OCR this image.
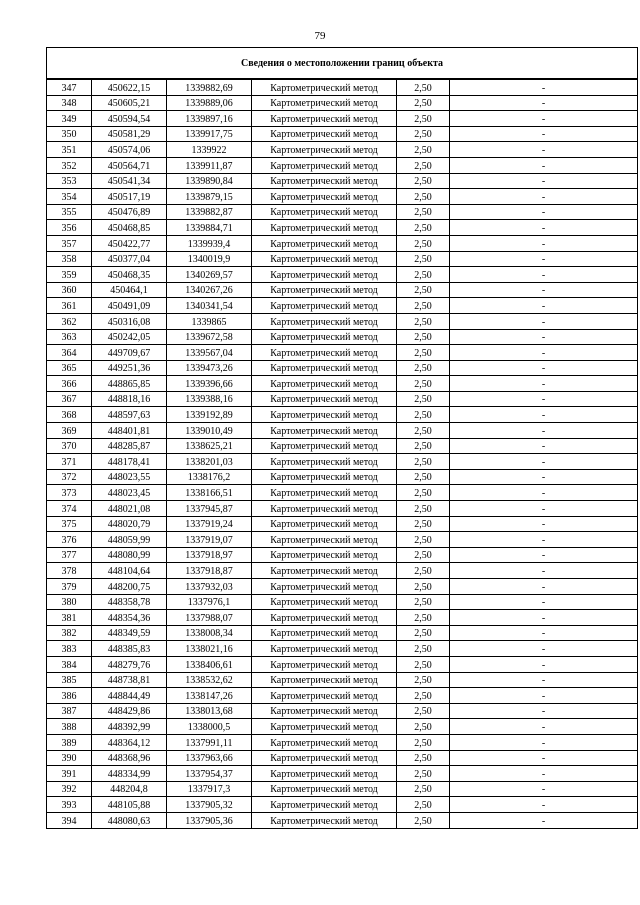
79
Сведения о местоположении границ объекта					
347	450622,15	1339882,69	Картометрический метод	2,50	-
348	450605,21	1339889,06	Картометрический метод	2,50	-
349	450594,54	1339897,16	Картометрический метод	2,50	-
350	450581,29	1339917,75	Картометрический метод	2,50	-
351	450574,06	1339922	Картометрический метод	2,50	-
352	450564,71	1339911,87	Картометрический метод	2,50	-
353	450541,34	1339890,84	Картометрический метод	2,50	-
354	450517,19	1339879,15	Картометрический метод	2,50	-
355	450476,89	1339882,87	Картометрический метод	2,50	-
356	450468,85	1339884,71	Картометрический метод	2,50	-
357	450422,77	1339939,4	Картометрический метод	2,50	-
358	450377,04	1340019,9	Картометрический метод	2,50	-
359	450468,35	1340269,57	Картометрический метод	2,50	-
360	450464,1	1340267,26	Картометрический метод	2,50	-
361	450491,09	1340341,54	Картометрический метод	2,50	-
362	450316,08	1339865	Картометрический метод	2,50	-
363	450242,05	1339672,58	Картометрический метод	2,50	-
364	449709,67	1339567,04	Картометрический метод	2,50	-
365	449251,36	1339473,26	Картометрический метод	2,50	-
366	448865,85	1339396,66	Картометрический метод	2,50	-
367	448818,16	1339388,16	Картометрический метод	2,50	-
368	448597,63	1339192,89	Картометрический метод	2,50	-
369	448401,81	1339010,49	Картометрический метод	2,50	-
370	448285,87	1338625,21	Картометрический метод	2,50	-
371	448178,41	1338201,03	Картометрический метод	2,50	-
372	448023,55	1338176,2	Картометрический метод	2,50	-
373	448023,45	1338166,51	Картометрический метод	2,50	-
374	448021,08	1337945,87	Картометрический метод	2,50	-
375	448020,79	1337919,24	Картометрический метод	2,50	-
376	448059,99	1337919,07	Картометрический метод	2,50	-
377	448080,99	1337918,97	Картометрический метод	2,50	-
378	448104,64	1337918,87	Картометрический метод	2,50	-
379	448200,75	1337932,03	Картометрический метод	2,50	-
380	448358,78	1337976,1	Картометрический метод	2,50	-
381	448354,36	1337988,07	Картометрический метод	2,50	-
382	448349,59	1338008,34	Картометрический метод	2,50	-
383	448385,83	1338021,16	Картометрический метод	2,50	-
384	448279,76	1338406,61	Картометрический метод	2,50	-
385	448738,81	1338532,62	Картометрический метод	2,50	-
386	448844,49	1338147,26	Картометрический метод	2,50	-
387	448429,86	1338013,68	Картометрический метод	2,50	-
388	448392,99	1338000,5	Картометрический метод	2,50	-
389	448364,12	1337991,11	Картометрический метод	2,50	-
390	448368,96	1337963,66	Картометрический метод	2,50	-
391	448334,99	1337954,37	Картометрический метод	2,50	-
392	448204,8	1337917,3	Картометрический метод	2,50	-
393	448105,88	1337905,32	Картометрический метод	2,50	-
394	448080,63	1337905,36	Картометрический метод	2,50	-
